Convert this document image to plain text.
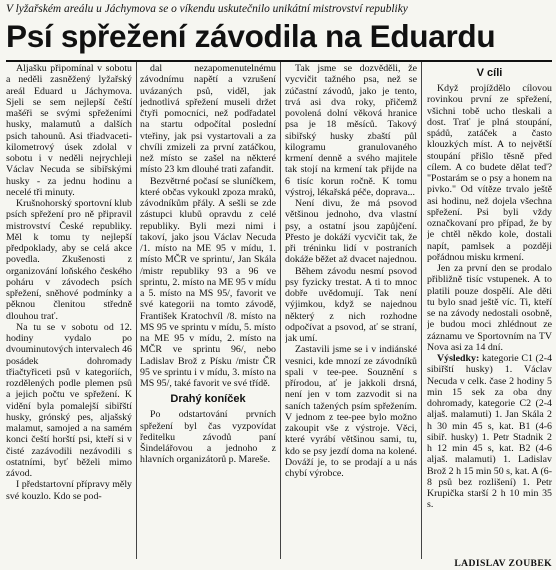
V lyžařském areálu u Jáchymova se o víkendu uskutečnilo unikátní mistrovství republiky
Psí spřežení závodila na Eduardu

Aljašku připomínal v sobotu a neděli zasněžený lyžařský areál Eduard u Jáchymova. Sjeli se sem nejlepší čeští mašéři se svými spřeženími husky, malamutů a dalších psich tahounů. Asi třiadvaceti-kilometrový úsek zdolal v sobotu i v neděli nejrychleji Václav Necuda se sibiřskými husky - za jednu hodinu a necelé tři minuty.

Krušnohorský sportovní klub psích spřežení pro ně připravil mistrovství České republiky. Měl k tomu ty nejlepší předpoklady, aby se celá akce povedla. Zkušenosti z organizování loňského českého poháru v závodech psích spřežení, sněhové podmínky a pěknou členitou středně dlouhou trať.

Na tu se v sobotu od 12. hodiny vydalo po dvouminutových intervalech 46 posádek dohromady třiačtyřiceti psů v kategoriích, rozdělených podle plemen psů a jejich počtu ve spřežení. K vidění byla pomalejší sibiřští husky, grónský pes, aljašský malamut, samojed a na samém konci čeští horští psi, kteří si v čisté zazávodili nezávodili s ostatními, byť běželi mimo závod.

I předstartovní přípravy měly své kouzlo. Kdo se pod-

dal nezapomenutelnému závodnímu napětí a vzrušení uvázaných psů, viděl, jak jednotlivá spřežení museli držet čtyři pomocníci, než podřadatel na startu odpočítal poslední vteřiny, jak psi vystartovali a za chvíli zmizeli za první zatáčkou, než místo se zašel na některé místo 23 km dlouhé trati zafandit.

Bezvětrné počasí se sluníčkem, které občas vykoukl zpoza mraků, závodníkům přály. A sešli se zde zástupci klubů opravdu z celé republiky. Byli mezi nimi i takoví, jako jsou Václav Necuda /1. místo na ME 95 v mídu, 1. místo MČR ve sprintu/, Jan Skála /mistr republiky 93 a 96 ve sprintu, 2. místo na ME 95 v mídu a 5. místo na MS 95/, favorit ve své kategorii na tomto závodě, František Kratochvíl /8. místo na MS 95 ve sprintu v mídu, 5. místo na ME 95 v mídu, 2. místo na MČR ve sprintu 96/, nebo Ladislav Brož z Písku /mistr ČR 95 ve sprintu i v mídu, 3. místo na MS 95/, také favorit ve své třídě.

Drahý koníček

Po odstartování prvních spřežení byl čas vyzpovídat ředitelku závodů paní Šindelářovou a jednoho z hlavních organizátorů p. Mareše.

Tak jsme se dozvěděli, že vycvičit tažného psa, než se zúčastní závodů, jako je tento, trvá asi dva roky, přičemž povolená dolní věková hranice psa je 18 měsíců. Takový sibiřský husky zbaští půl kilogramu granulovaného krmení denně a svého majitele tak stojí na krmení tak přijde na 6 tisíc korun ročně. K tomu výstroj, lékařská péče, doprava...

Není divu, že má psovod většinou jednoho, dva vlastní psy, a ostatní jsou zapůjčení. Přesto je dokáží vycvičit tak, že při tréninku lidí v postraních dokáže běžet až dvacet najednou.

Během závodu nesmí psovod psy fyzicky trestat. A ti to mnoc dobře uvědomují. Tak není výjimkou, když se najednou některý z nich rozhodne odpočívat a psovod, ať se straní, jak umí.

Zastavili jsme se i v indiánské vesnici, kde mnozí ze závodníků spali v tee-pee. Souznění s přírodou, ať je jakkoli drsná, není jen v tom zazvodit si na saních tažených psím spřežením. V jednom z tee-pee bylo možno zakoupit vše z výstroje. Věci, které vyrábí většinou sami, tu, kdo se psy jezdí doma na kolené. Dováží je, to se prodají a u nás chybí výrobce.

V cíli

Když projíždělo cílovou rovinkou první ze spřežení, všichni tobě ucho tleskali a dost. Trať je plná stoupání, spádů, zatáček a často klouzkých míst. A to největší stoupání přišlo těsně před cílem. A co budete dělat teď? "Postarám se o psy a honem na pivko." Od vítěze trvalo ještě asi hodinu, než dojela všechna spřežení. Psi byli vždy označkovaní pro případ, že by je chtěl někdo kole, dostali napít, pamlsek a později pořádnou misku krmení.

Jen za první den se prodalo přibližně tisíc vstupenek. A to platili pouze dospělí. Ale děti tu bylo snad ještě víc. Ti, kteří se na závody nedostali osobně, je budou moci zhlédnout ze záznamu ve Sportovním na TV Nova asi za 14 dní.

Výsledky: kategorie C1 (2-4 sibiřští husky) 1. Václav Necuda v celk. čase 2 hodiny 5 min 15 sek za oba dny dohromady, kategorie C2 (2-4 aljaš. malamuti) 1. Jan Skála 2 h 30 min 45 s, kat. B1 (4-6 sibiř. husky) 1. Petr Stadnik 2 h 12 min 45 s, kat. B2 (4-6 aljaš. malamuti) 1. Ladislav Brož 2 h 15 min 50 s, kat. A (6-8 psů bez rozlišení) 1. Petr Krupička starší 2 h 10 min 35 s.

LADISLAV ZOUBEK
